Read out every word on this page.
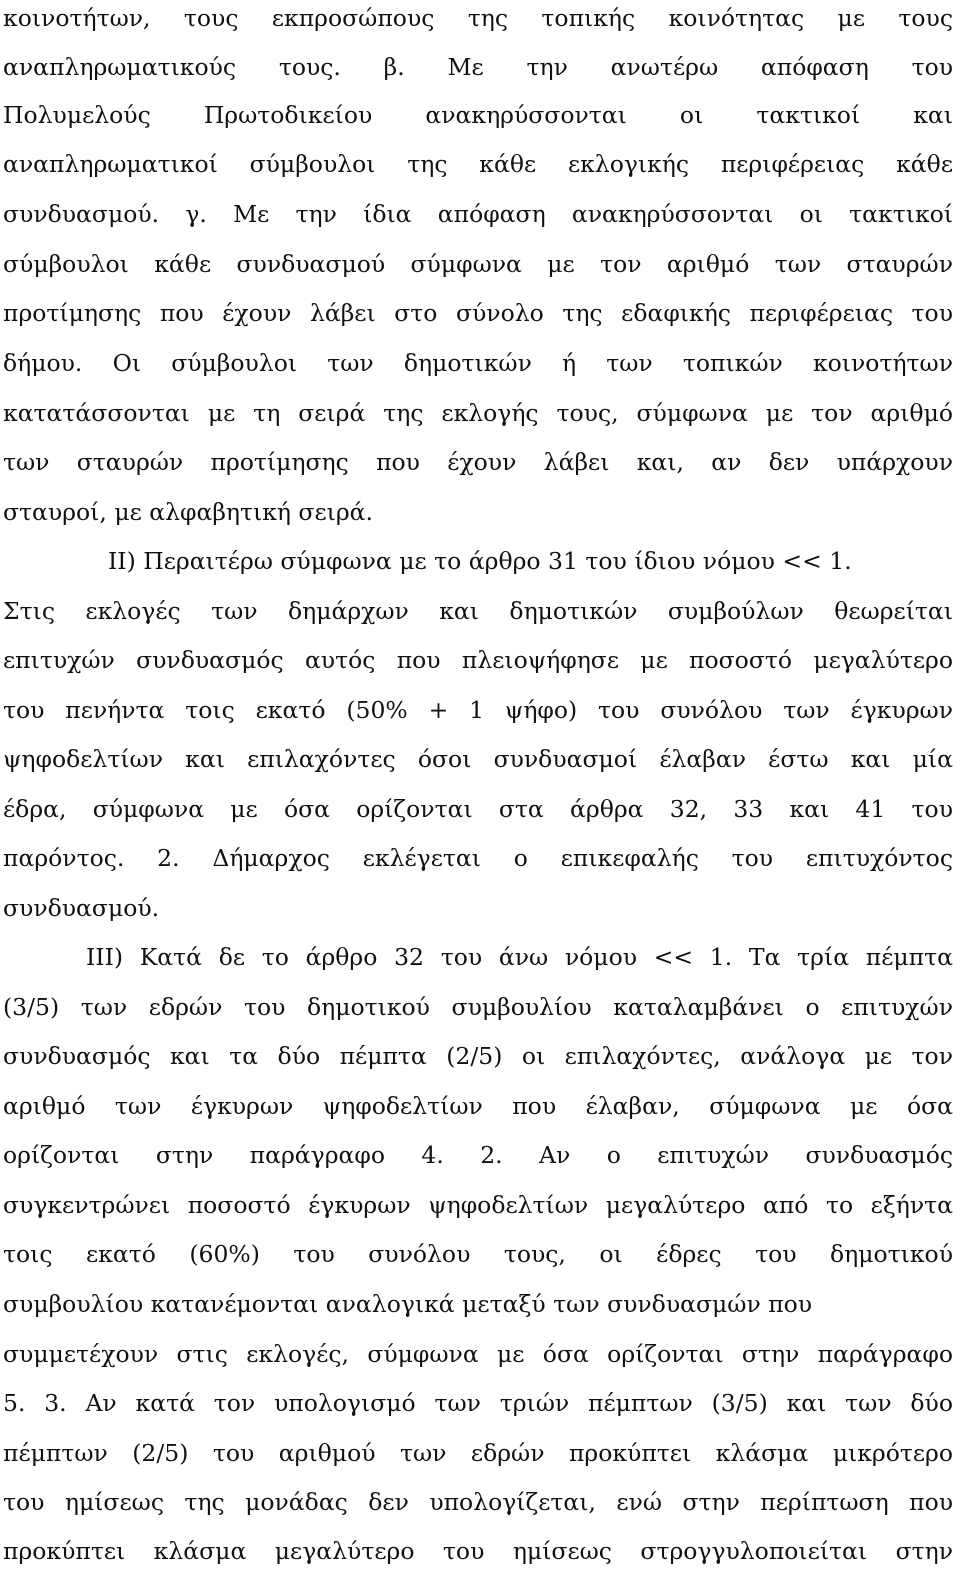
κοινοτήτων, τους εκπροσώπους της τοπικής κοινότητας με τους
αναπληρωματικούς τους. β. Με την ανωτέρω απόφαση του
Πολυμελούς Πρωτοδικείου ανακηρύσσονται οι τακτικοί και
αναπληρωματικοί σύμβουλοι της κάθε εκλογικής περιφέρειας κάθε
συνδυασμού. γ. Με την ίδια απόφαση ανακηρύσσονται οι τακτικοί
σύμβουλοι κάθε συνδυασμού σύμφωνα με τον αριθμό των σταυρών
προτίμησης που έχουν λάβει στο σύνολο της εδαφικής περιφέρειας του
δήμου. Οι σύμβουλοι των δημοτικών ή των τοπικών κοινοτήτων
κατατάσσονται με τη σειρά της εκλογής τους, σύμφωνα με τον αριθμό
των σταυρών προτίμησης που έχουν λάβει και, αν δεν υπάρχουν
σταυροί, με αλφαβητική σειρά.
ΙΙ) Περαιτέρω σύμφωνα με το άρθρο 31 του ίδιου νόμου << 1.
Στις εκλογές των δημάρχων και δημοτικών συμβούλων θεωρείται
επιτυχών συνδυασμός αυτός που πλειοψήφησε με ποσοστό μεγαλύτερο
του πενήντα τοις εκατό (50% + 1 ψήφο) του συνόλου των έγκυρων
ψηφοδελτίων και επιλαχόντες όσοι συνδυασμοί έλαβαν έστω και μία
έδρα, σύμφωνα με όσα ορίζονται στα άρθρα 32, 33 και 41 του
παρόντος. 2. Δήμαρχος εκλέγεται ο επικεφαλής του επιτυχόντος
συνδυασμού.
ΙΙΙ) Κατά δε το άρθρο 32 του άνω νόμου << 1. Τα τρία πέμπτα
(3/5) των εδρών του δημοτικού συμβουλίου καταλαμβάνει ο επιτυχών
συνδυασμός και τα δύο πέμπτα (2/5) οι επιλαχόντες, ανάλογα με τον
αριθμό των έγκυρων ψηφοδελτίων που έλαβαν, σύμφωνα με όσα
ορίζονται στην παράγραφο 4. 2. Αν ο επιτυχών συνδυασμός
συγκεντρώνει ποσοστό έγκυρων ψηφοδελτίων μεγαλύτερο από το εξήντα
τοις εκατό (60%) του συνόλου τους, οι έδρες του δημοτικού
συμβουλίου κατανέμονται αναλογικά μεταξύ των συνδυασμών που
συμμετέχουν στις εκλογές, σύμφωνα με όσα ορίζονται στην παράγραφο
5. 3. Αν κατά τον υπολογισμό των τριών πέμπτων (3/5) και των δύο
πέμπτων (2/5) του αριθμού των εδρών προκύπτει κλάσμα μικρότερο
του ημίσεως της μονάδας δεν υπολογίζεται, ενώ στην περίπτωση που
προκύπτει κλάσμα μεγαλύτερο του ημίσεως στρογγυλοποιείται στην
